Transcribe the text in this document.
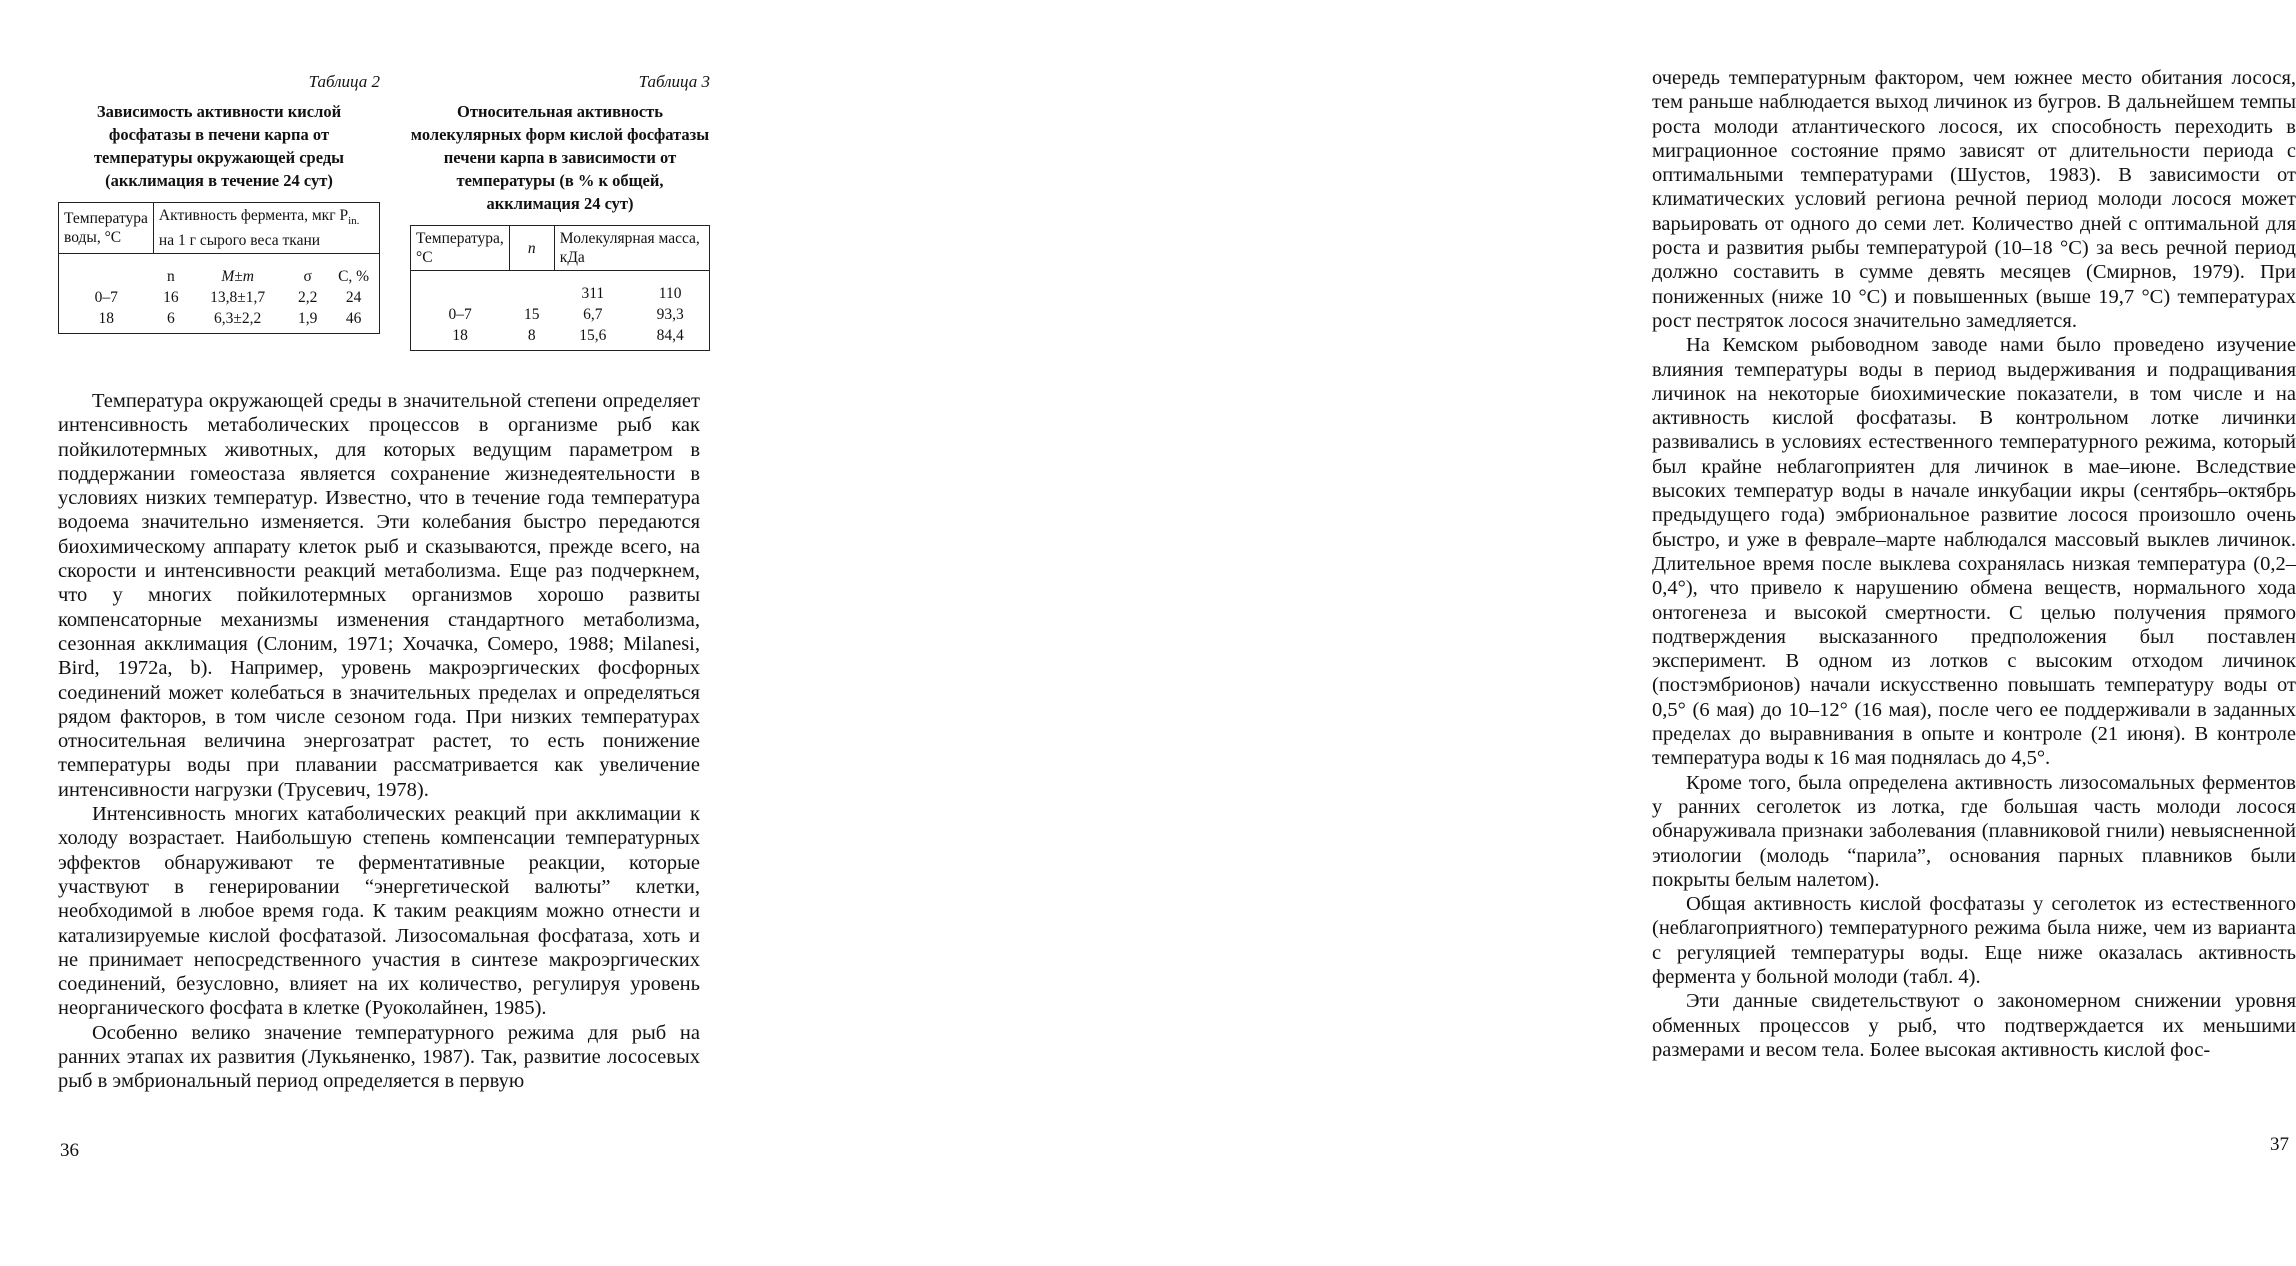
Таблица 2
Зависимость активности кислой фосфатазы в печени карпа от температуры окружающей среды (акклимация в течение 24 сут)
Температура воды, °С	Активность фермента, мкг $P_{in.}$ на 1 г сырого веса ткани			
	n	M±m	σ	C, %
0–7	16	13,8±1,7	2,2	24
18	6	6,3±2,2	1,9	46
Таблица 3
Относительная активность молекулярных форм кислой фосфатазы печени карпа в зависимости от температуры (в % к общей, акклимация 24 сут)
Температура, °С	n	Молекулярная масса, кДа	
		311	110
0–7	15	6,7	93,3
18	8	15,6	84,4

Температура окружающей среды в значительной степени определяет интенсивность метаболических процессов в организме рыб как пойкилотермных животных, для которых ведущим параметром в поддержании гомеостаза является сохранение жизнедеятельности в условиях низких температур. Известно, что в течение года температура водоема значительно изменяется. Эти колебания быстро передаются биохимическому аппарату клеток рыб и сказываются, прежде всего, на скорости и интенсивности реакций метаболизма. Еще раз подчеркнем, что у многих пойкилотермных организмов хорошо развиты компенсаторные механизмы изменения стандартного метаболизма, сезонная акклимация (Слоним, 1971; Хочачка, Сомеро, 1988; Milanesi, Bird, 1972a, b). Например, уровень макроэргических фосфорных соединений может колебаться в значительных пределах и определяться рядом факторов, в том числе сезоном года. При низких температурах относительная величина энергозатрат растет, то есть понижение температуры воды при плавании рассматривается как увеличение интенсивности нагрузки (Трусевич, 1978).

Интенсивность многих катаболических реакций при акклимации к холоду возрастает. Наибольшую степень компенсации температурных эффектов обнаруживают те ферментативные реакции, которые участвуют в генерировании “энергетической валюты” клетки, необходимой в любое время года. К таким реакциям можно отнести и катализируемые кислой фосфатазой. Лизосомальная фосфатаза, хоть и не принимает непосредственного участия в синтезе макроэргических соединений, безусловно, влияет на их количество, регулируя уровень неорганического фосфата в клетке (Руоколайнен, 1985).

Особенно велико значение температурного режима для рыб на ранних этапах их развития (Лукьяненко, 1987). Так, развитие лососевых рыб в эмбриональный период определяется в первую

36

очередь температурным фактором, чем южнее место обитания лосося, тем раньше наблюдается выход личинок из бугров. В дальнейшем темпы роста молоди атлантического лосося, их способность переходить в миграционное состояние прямо зависят от длительности периода с оптимальными температурами (Шустов, 1983). В зависимости от климатических условий региона речной период молоди лосося может варьировать от одного до семи лет. Количество дней с оптимальной для роста и развития рыбы температурой (10–18 °С) за весь речной период должно составить в сумме девять месяцев (Смирнов, 1979). При пониженных (ниже 10 °С) и повышенных (выше 19,7 °С) температурах рост пестряток лосося значительно замедляется.

На Кемском рыбоводном заводе нами было проведено изучение влияния температуры воды в период выдерживания и подращивания личинок на некоторые биохимические показатели, в том числе и на активность кислой фосфатазы. В контрольном лотке личинки развивались в условиях естественного температурного режима, который был крайне неблагоприятен для личинок в мае–июне. Вследствие высоких температур воды в начале инкубации икры (сентябрь–октябрь предыдущего года) эмбриональное развитие лосося произошло очень быстро, и уже в феврале–марте наблюдался массовый выклев личинок. Длительное время после выклева сохранялась низкая температура (0,2–0,4°), что привело к нарушению обмена веществ, нормального хода онтогенеза и высокой смертности. С целью получения прямого подтверждения высказанного предположения был поставлен эксперимент. В одном из лотков с высоким отходом личинок (постэмбрионов) начали искусственно повышать температуру воды от 0,5° (6 мая) до 10–12° (16 мая), после чего ее поддерживали в заданных пределах до выравнивания в опыте и контроле (21 июня). В контроле температура воды к 16 мая поднялась до 4,5°.

Кроме того, была определена активность лизосомальных ферментов у ранних сеголеток из лотка, где большая часть молоди лосося обнаруживала признаки заболевания (плавниковой гнили) невыясненной этиологии (молодь “парила”, основания парных плавников были покрыты белым налетом).

Общая активность кислой фосфатазы у сеголеток из естественного (неблагоприятного) температурного режима была ниже, чем из варианта с регуляцией температуры воды. Еще ниже оказалась активность фермента у больной молоди (табл. 4).

Эти данные свидетельствуют о закономерном снижении уровня обменных процессов у рыб, что подтверждается их меньшими размерами и весом тела. Более высокая активность кислой фос-

37
